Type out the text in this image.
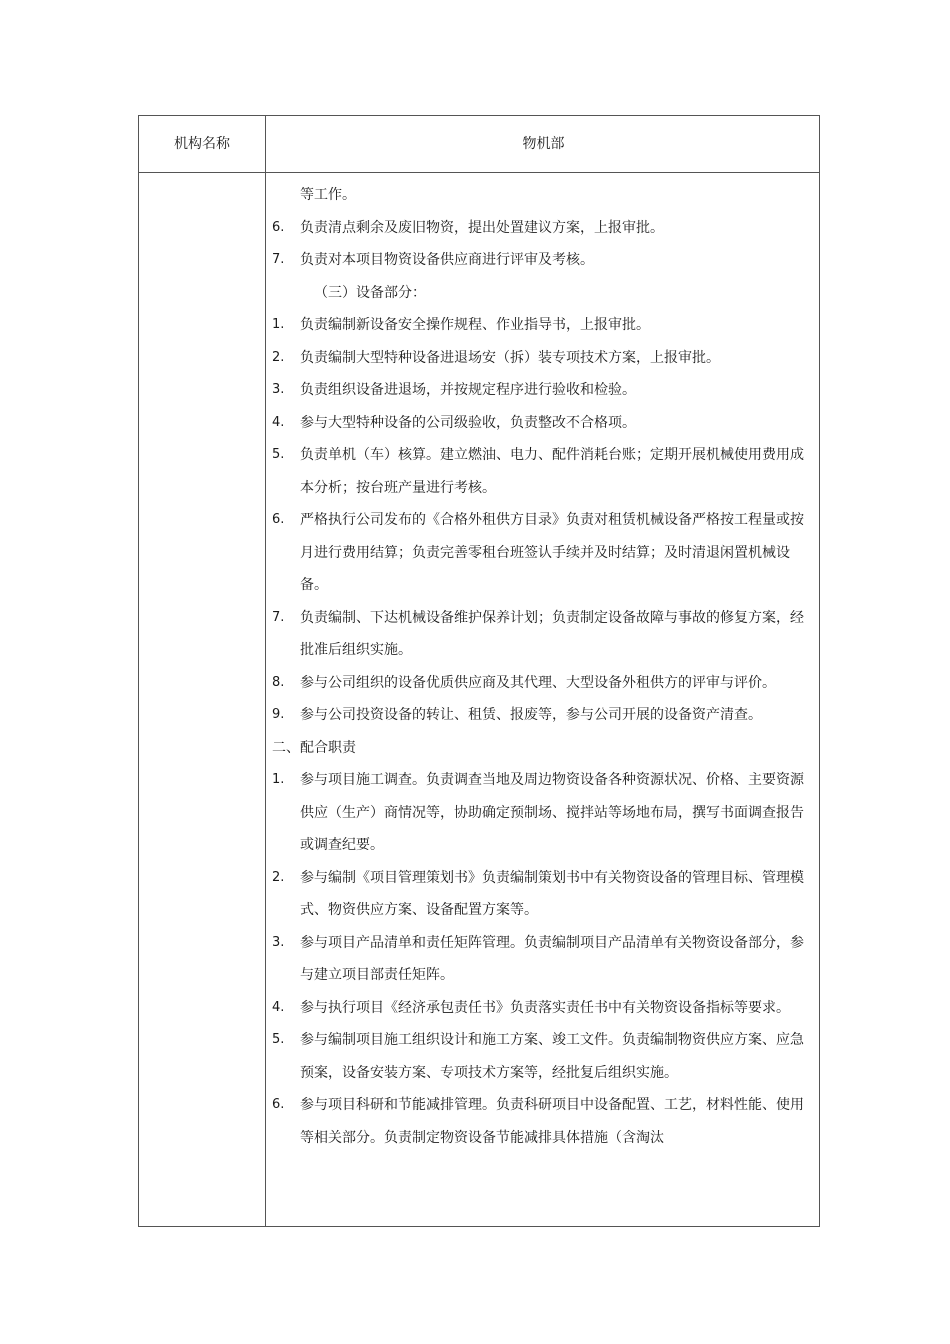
机构名称	物机部
等工作。
6. 负责清点剩余及废旧物资，提出处置建议方案，上报审批。
7. 负责对本项目物资设备供应商进行评审及考核。
（三）设备部分：
1. 负责编制新设备安全操作规程、作业指导书，上报审批。
2. 负责编制大型特种设备进退场安（拆）装专项技术方案，上报审批。
3. 负责组织设备进退场，并按规定程序进行验收和检验。
4. 参与大型特种设备的公司级验收，负责整改不合格项。
5. 负责单机（车）核算。建立燃油、电力、配件消耗台账；定期开展机械使用费用成本分析；按台班产量进行考核。
6. 严格执行公司发布的《合格外租供方目录》负责对租赁机械设备严格按工程量或按月进行费用结算；负责完善零租台班签认手续并及时结算；及时清退闲置机械设备。
7. 负责编制、下达机械设备维护保养计划；负责制定设备故障与事故的修复方案，经批准后组织实施。
8. 参与公司组织的设备优质供应商及其代理、大型设备外租供方的评审与评价。
9. 参与公司投资设备的转让、租赁、报废等，参与公司开展的设备资产清查。
二、配合职责
1. 参与项目施工调查。负责调查当地及周边物资设备各种资源状况、价格、主要资源供应（生产）商情况等，协助确定预制场、搅拌站等场地布局，撰写书面调查报告或调查纪要。
2. 参与编制《项目管理策划书》负责编制策划书中有关物资设备的管理目标、管理模式、物资供应方案、设备配置方案等。
3. 参与项目产品清单和责任矩阵管理。负责编制项目产品清单有关物资设备部分，参与建立项目部责任矩阵。
4. 参与执行项目《经济承包责任书》负责落实责任书中有关物资设备指标等要求。
5. 参与编制项目施工组织设计和施工方案、竣工文件。负责编制物资供应方案、应急预案，设备安装方案、专项技术方案等，经批复后组织实施。
6. 参与项目科研和节能减排管理。负责科研项目中设备配置、工艺，材料性能、使用等相关部分。负责制定物资设备节能减排具体措施（含淘汰
